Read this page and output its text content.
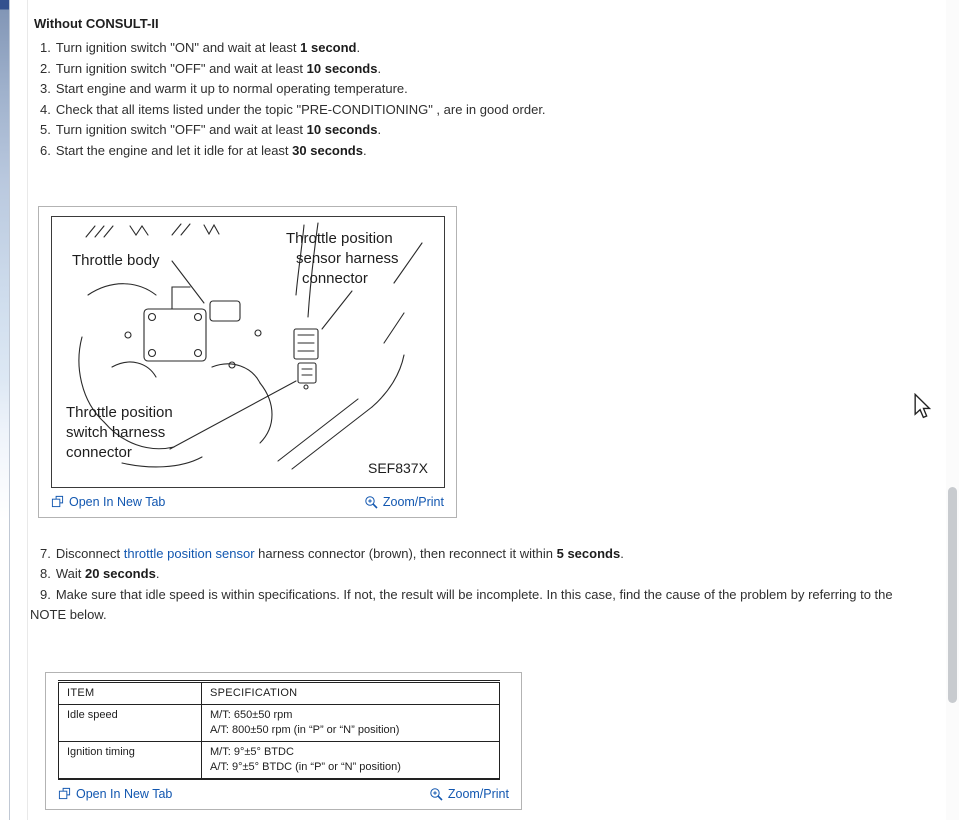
Without CONSULT-II
1. Turn ignition switch "ON" and wait at least 1 second.
2. Turn ignition switch "OFF" and wait at least 10 seconds.
3. Start engine and warm it up to normal operating temperature.
4. Check that all items listed under the topic "PRE-CONDITIONING" , are in good order.
5. Turn ignition switch "OFF" and wait at least 10 seconds.
6. Start the engine and let it idle for at least 30 seconds.
Throttle body
Throttle position
sensor harness
connector
Throttle position
switch harness
connector
SEF837X
Open In New Tab	Zoom/Print
7. Disconnect throttle position sensor harness connector (brown), then reconnect it within 5 seconds.
8. Wait 20 seconds.
9. Make sure that idle speed is within specifications. If not, the result will be incomplete. In this case, find the cause of the problem by referring to the NOTE below.
ITEM	SPECIFICATION
Idle speed	M/T: 650±50 rpm
A/T: 800±50 rpm (in “P” or “N” position)

Ignition timing	M/T: 9°±5° BTDC
A/T: 9°±5° BTDC (in “P” or “N” position)
Open In New Tab	Zoom/Print
